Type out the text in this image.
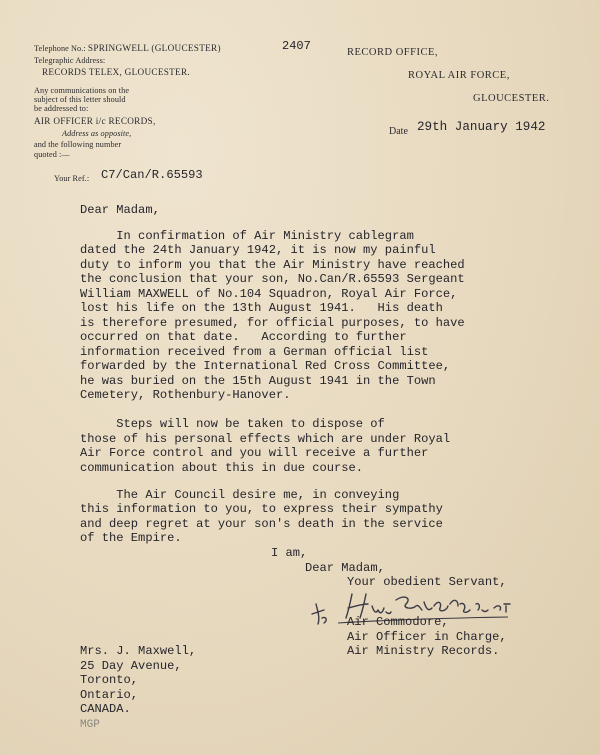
Telephone No.: SPRINGWELL (GLOUCESTER)	2407
Telegraphic Address:
RECORDS TELEX, GLOUCESTER.
Any communications on the
subject of this letter should
be addressed to:
AIR OFFICER i/c RECORDS,
Address as opposite,
and the following number
quoted :—
Your Ref.: C7/Can/R.65593
RECORD OFFICE,
ROYAL AIR FORCE,
GLOUCESTER.
Date 29th January 1942
Dear Madam,
In confirmation of Air Ministry cablegram
dated the 24th January 1942, it is now my painful
duty to inform you that the Air Ministry have reached
the conclusion that your son, No.Can/R.65593 Sergeant
William MAXWELL of No.104 Squadron, Royal Air Force,
lost his life on the 13th August 1941.   His death
is therefore presumed, for official purposes, to have
occurred on that date.   According to further
information received from a German official list
forwarded by the International Red Cross Committee,
he was buried on the 15th August 1941 in the Town
Cemetery, Rothenbury-Hanover.
Steps will now be taken to dispose of
those of his personal effects which are under Royal
Air Force control and you will receive a further
communication about this in due course.
The Air Council desire me, in conveying
this information to you, to express their sympathy
and deep regret at your son's death in the service
of the Empire.
I am,
Dear Madam,
Your obedient Servant,
Air Commodore,
Air Officer in Charge,
Air Ministry Records.
Mrs. J. Maxwell,
25 Day Avenue,
Toronto,
Ontario,
CANADA.
MGP
